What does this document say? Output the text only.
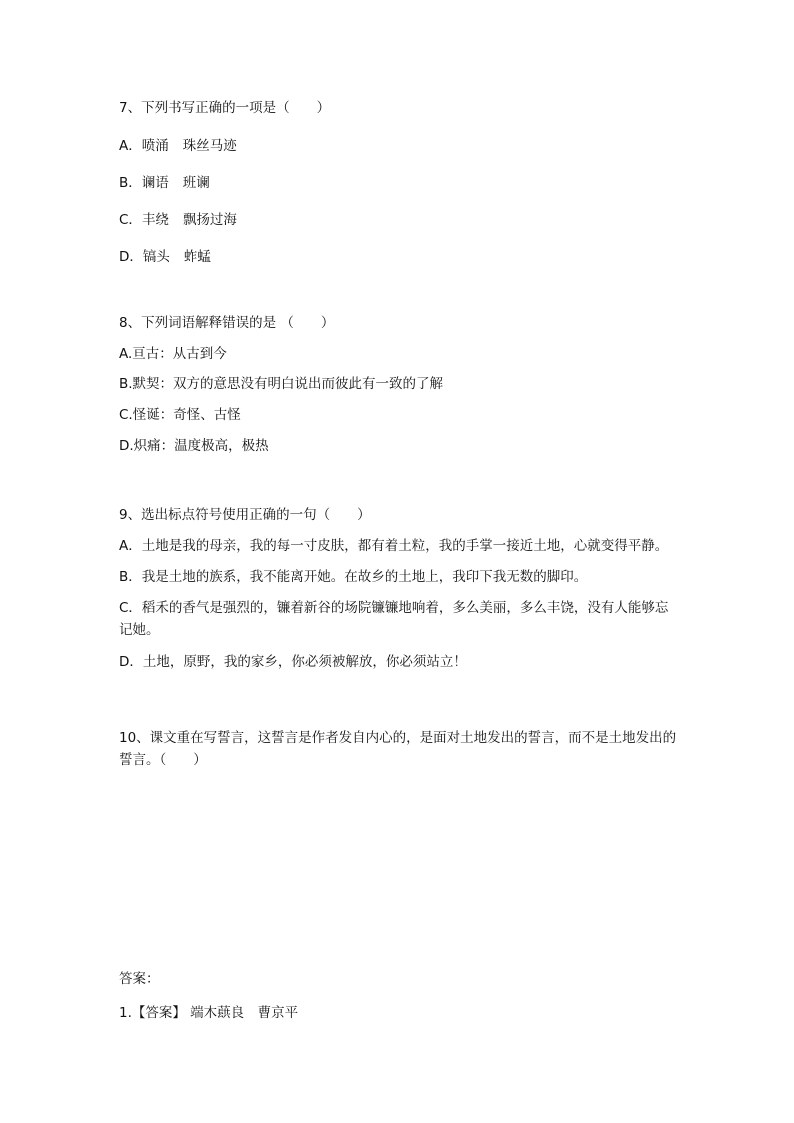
7、下列书写正确的一项是（　　）
A．喷涌 珠丝马迹
B．谰语 班谰
C．丰绕 飘扬过海
D．镐头 蚱蜢
8、下列词语解释错误的是 （　　）
A.亘古：从古到今
B.默契：双方的意思没有明白说出而彼此有一致的了解
C.怪诞：奇怪、古怪
D.炽痛：温度极高，极热
9、选出标点符号使用正确的一句（　　）
A．土地是我的母亲，我的每一寸皮肤，都有着土粒，我的手掌一接近土地，心就变得平静。
B．我是土地的族系，我不能离开她。在故乡的土地上，我印下我无数的脚印。
C．稻禾的香气是强烈的，镰着新谷的场院镰镰地响着，多么美丽，多么丰饶，没有人能够忘记她。
D．土地，原野，我的家乡，你必须被解放，你必须站立！
10、课文重在写誓言，这誓言是作者发自内心的，是面对土地发出的誓言，而不是土地发出的誓言。（　　）
答案：
1.【答案】 端木蕻良　曹京平
